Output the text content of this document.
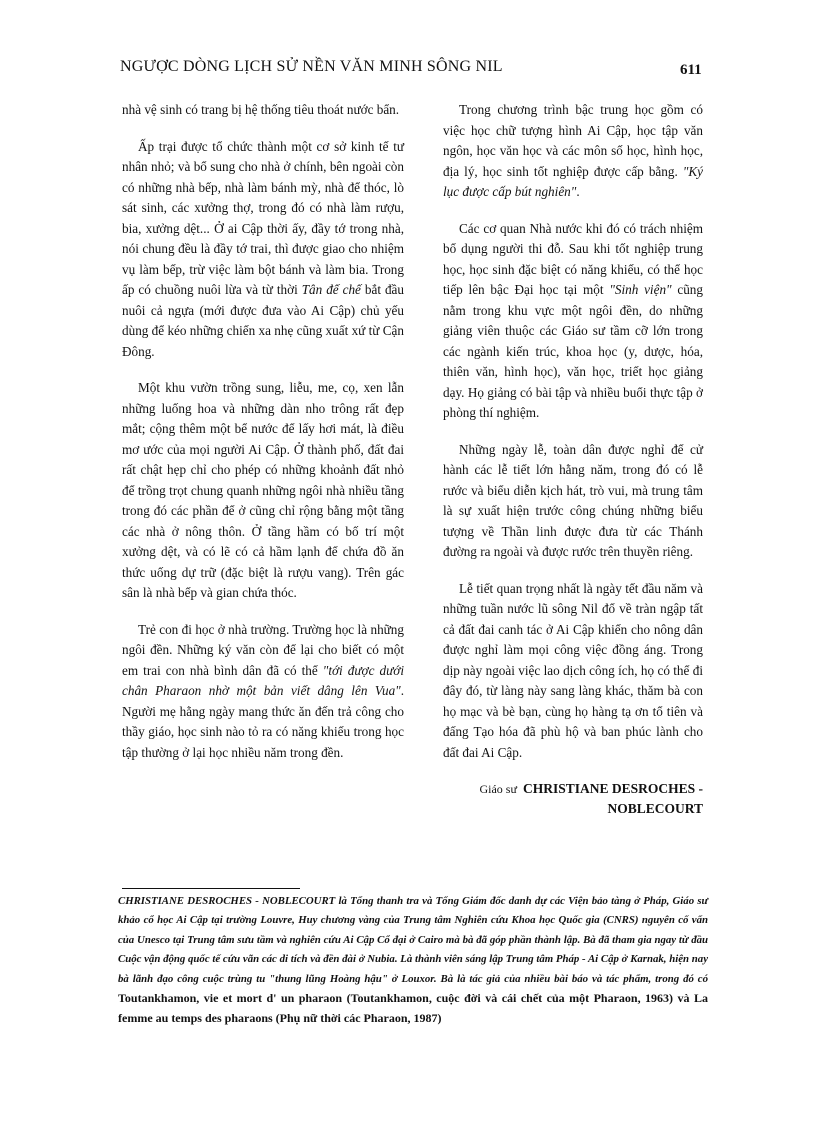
NGƯỢC DÒNG LỊCH SỬ NỀN VĂN MINH SÔNG NIL	611

nhà vệ sinh có trang bị hệ thống tiêu thoát nước bẩn.

Ấp trại được tổ chức thành một cơ sở kinh tế tư nhân nhỏ; và bổ sung cho nhà ở chính, bên ngoài còn có những nhà bếp, nhà làm bánh mỳ, nhà để thóc, lò sát sinh, các xưởng thợ, trong đó có nhà làm rượu, bia, xưởng dệt... Ở ai Cập thời ấy, đầy tớ trong nhà, nói chung đều là đầy tớ trai, thì được giao cho nhiệm vụ làm bếp, trừ việc làm bột bánh và làm bia. Trong ấp có chuồng nuôi lừa và từ thời Tân đế chế bắt đầu nuôi cả ngựa (mới được đưa vào Ai Cập) chủ yếu dùng để kéo những chiến xa nhẹ cũng xuất xứ từ Cận Đông.

Một khu vườn trồng sung, liễu, me, cọ, xen lẫn những luống hoa và những dàn nho trông rất đẹp mắt; cộng thêm một bể nước để lấy hơi mát, là điều mơ ước của mọi người Ai Cập. Ở thành phố, đất đai rất chật hẹp chỉ cho phép có những khoảnh đất nhỏ để trồng trọt chung quanh những ngôi nhà nhiều tầng trong đó các phần để ở cũng chỉ rộng bằng một tầng các nhà ở nông thôn. Ở tầng hầm có bố trí một xưởng dệt, và có lẽ có cả hầm lạnh để chứa đồ ăn thức uống dự trữ (đặc biệt là rượu vang). Trên gác sân là nhà bếp và gian chứa thóc.

Trẻ con đi học ở nhà trường. Trường học là những ngôi đền. Những ký văn còn để lại cho biết có một em trai con nhà bình dân đã có thể "tới được dưới chân Pharaon nhờ một bản viết dâng lên Vua". Người mẹ hằng ngày mang thức ăn đến trả công cho thầy giáo, học sinh nào tỏ ra có năng khiếu trong học tập thường ở lại học nhiều năm trong đền.

Trong chương trình bậc trung học gồm có việc học chữ tượng hình Ai Cập, học tập văn ngôn, học văn học và các môn số học, hình học, địa lý, học sinh tốt nghiệp được cấp bằng. "Ký lục được cấp bút nghiên".

Các cơ quan Nhà nước khi đó có trách nhiệm bổ dụng người thi đỗ. Sau khi tốt nghiệp trung học, học sinh đặc biệt có năng khiếu, có thể học tiếp lên bậc Đại học tại một "Sinh viện" cũng nằm trong khu vực một ngôi đền, do những giảng viên thuộc các Giáo sư tầm cỡ lớn trong các ngành kiến trúc, khoa học (y, dược, hóa, thiên văn, hình học), văn học, triết học giảng dạy. Họ giảng có bài tập và nhiều buổi thực tập ở phòng thí nghiệm.

Những ngày lễ, toàn dân được nghỉ để cử hành các lễ tiết lớn hằng năm, trong đó có lễ rước và biểu diễn kịch hát, trò vui, mà trung tâm là sự xuất hiện trước công chúng những biểu tượng về Thần linh được đưa từ các Thánh đường ra ngoài và được rước trên thuyền riêng.

Lễ tiết quan trọng nhất là ngày tết đầu năm và những tuần nước lũ sông Nil đổ về tràn ngập tất cả đất đai canh tác ở Ai Cập khiến cho nông dân được nghỉ làm mọi công việc đồng áng. Trong dịp này ngoài việc lao dịch công ích, họ có thể đi đây đó, từ làng này sang làng khác, thăm bà con họ mạc và bè bạn, cùng họ hàng tạ ơn tổ tiên và đấng Tạo hóa đã phù hộ và ban phúc lành cho đất đai Ai Cập.

Giáo sư CHRISTIANE DESROCHES -
NOBLECOURT
CHRISTIANE DESROCHES - NOBLECOURT là Tổng thanh tra và Tổng Giám đốc danh dự các Viện bảo tàng ở Pháp, Giáo sư khảo cổ học Ai Cập tại trường Louvre, Huy chương vàng của Trung tâm Nghiên cứu Khoa học Quốc gia (CNRS) nguyên cố vấn của Unesco tại Trung tâm sưu tầm và nghiên cứu Ai Cập Cổ đại ở Cairo mà bà đã góp phần thành lập. Bà đã tham gia ngay từ đầu Cuộc vận động quốc tế cứu vãn các di tích và đền đài ở Nubia. Là thành viên sáng lập Trung tâm Pháp - Ai Cập ở Karnak, hiện nay bà lãnh đạo công cuộc trùng tu "thung lũng Hoàng hậu" ở Louxor. Bà là tác giả của nhiều bài báo và tác phẩm, trong đó có Toutankhamon, vie et mort d' un pharaon (Toutankhamon, cuộc đời và cái chết của một Pharaon, 1963) và La femme au temps des pharaons (Phụ nữ thời các Pharaon, 1987)
